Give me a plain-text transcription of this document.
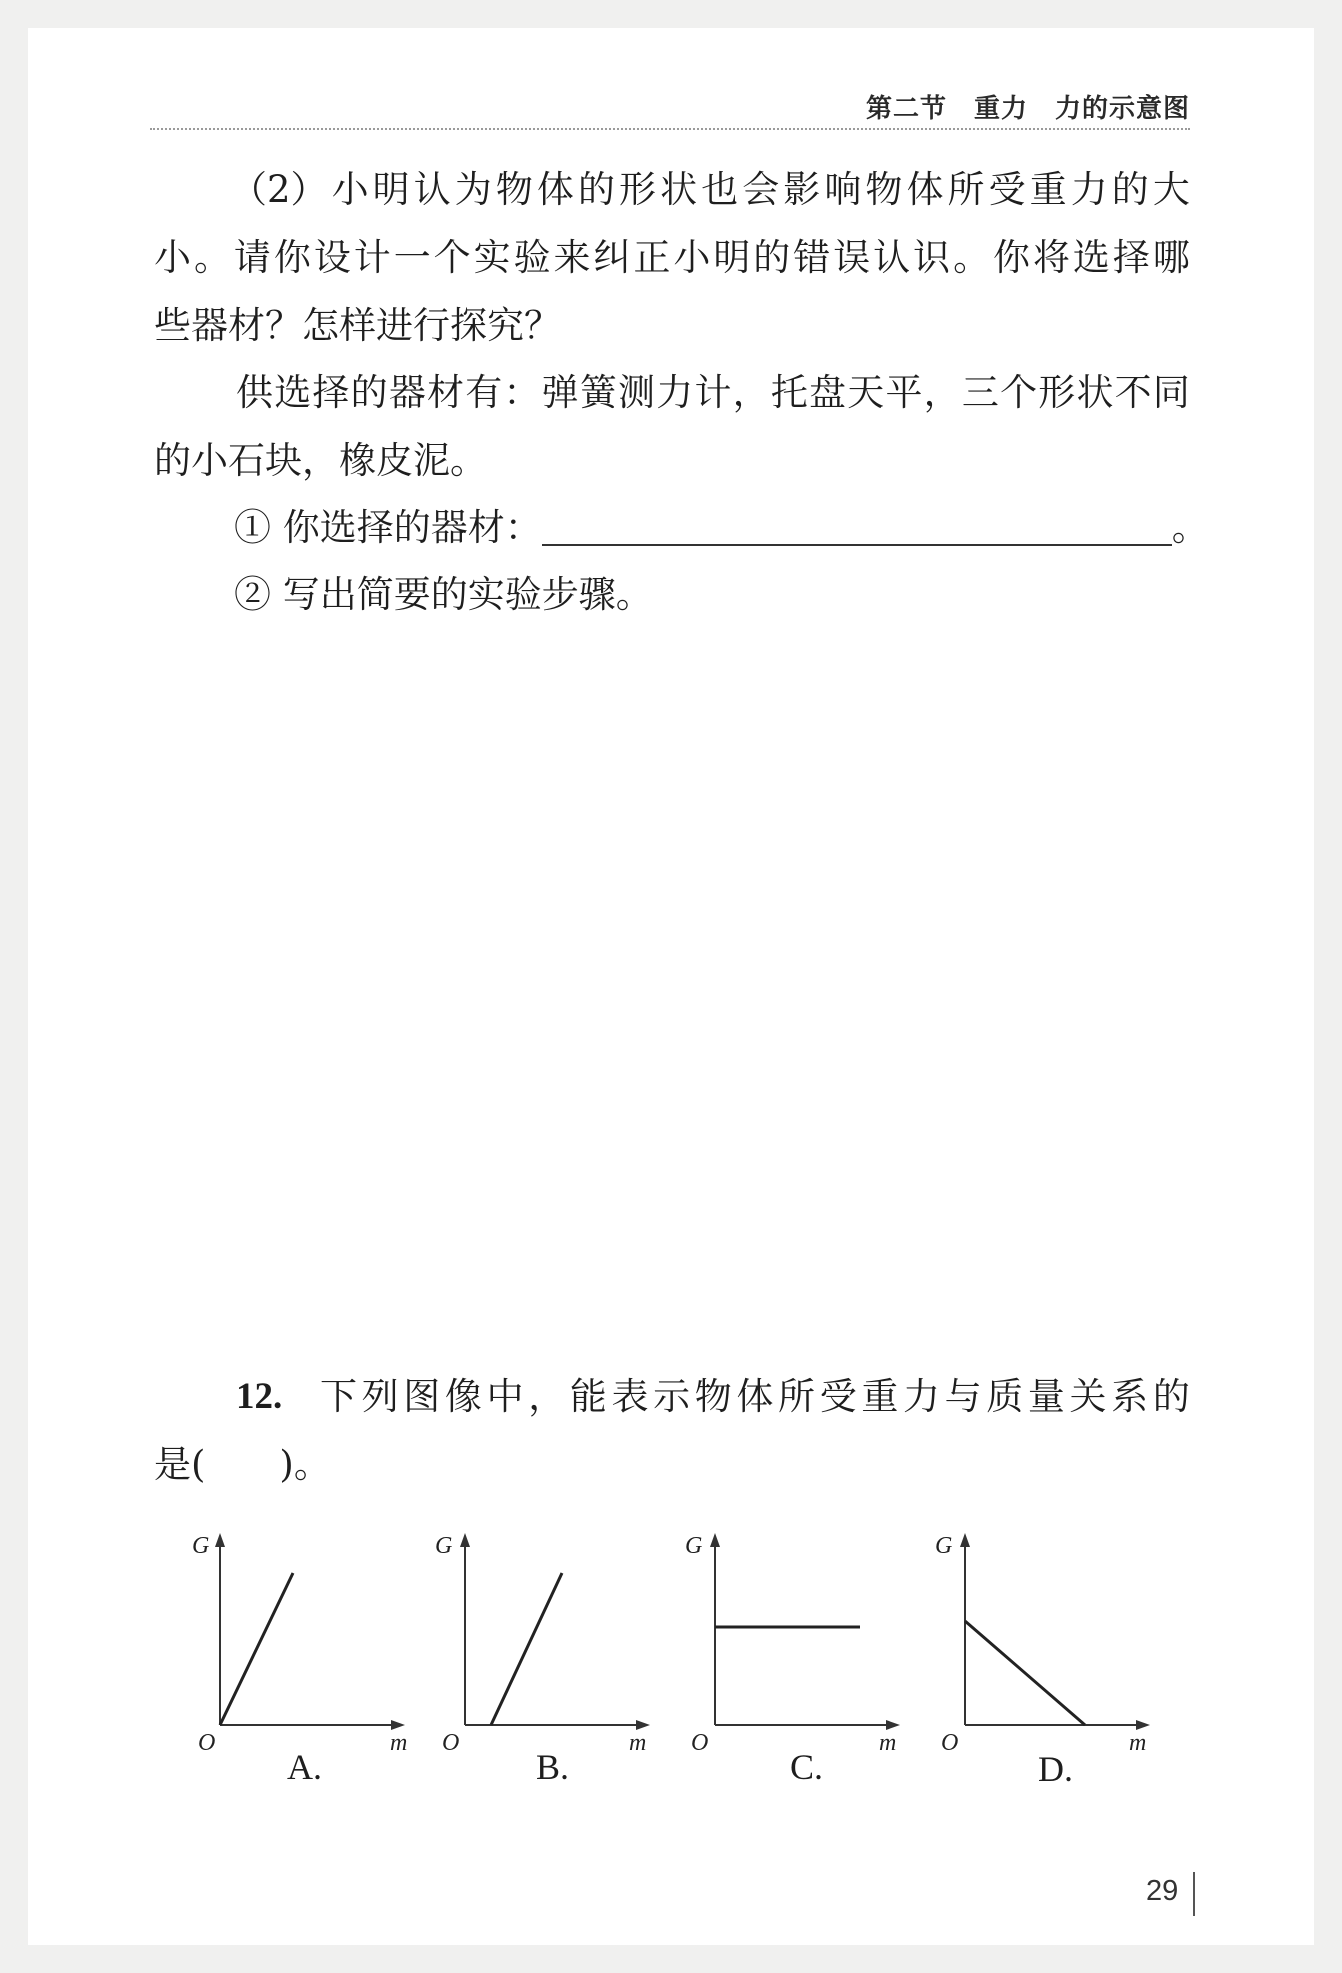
第二节　重力　力的示意图
（2） 小 明 认 为 物 体 的 形 状 也 会 影 响 物 体 所 受 重 力 的 大
小 。 请 你 设 计 一 个 实 验 来 纠 正 小 明 的 错 误 认 识 。 你 将 选 择 哪
些器材？怎样进行探究？
供 选 择 的 器 材 有 ： 弹 簧 测 力 计 ， 托 盘 天 平 ， 三 个 形 状 不 同
的小石块，橡皮泥。
① 你选择的器材：	。
② 写出简要的实验步骤。
12. 下 列 图 像 中 ， 能 表 示 物 体 所 受 重 力 与 质 量 关 系 的
是(　　)。
G
m
O
A.
G
m
O
B.
G
m
O
C.
G
m
O
D.
29
